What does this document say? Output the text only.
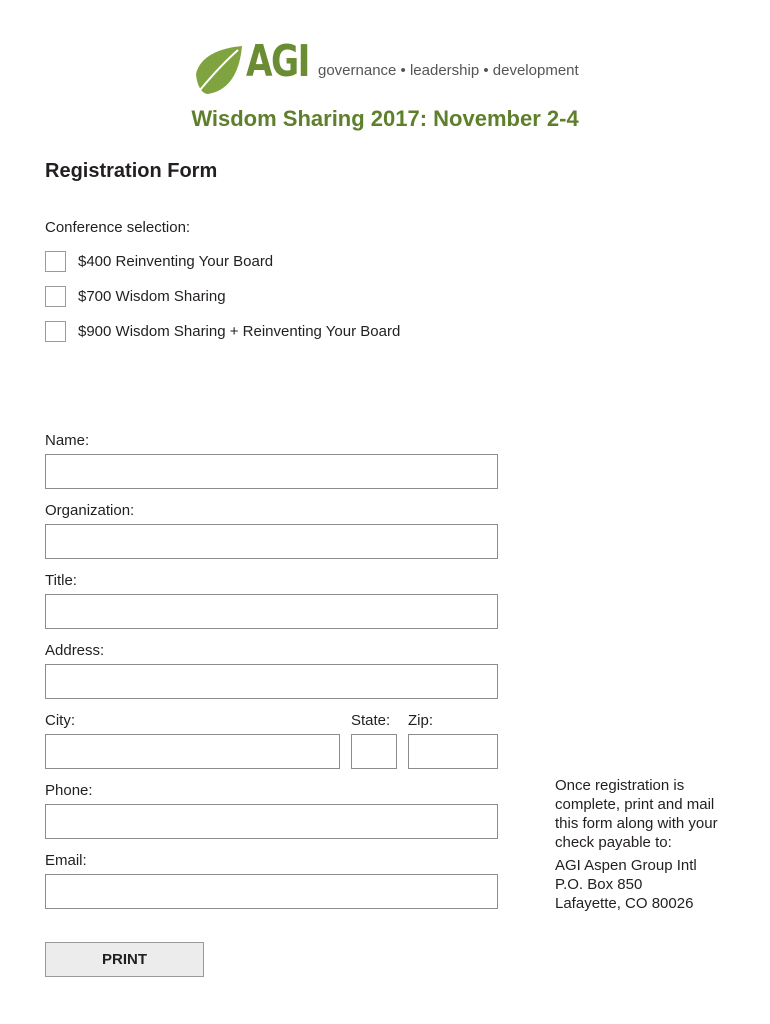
AGI governance • leadership • development
Wisdom Sharing 2017: November 2-4
Registration Form
Conference selection:
$400 Reinventing Your Board
$700 Wisdom Sharing
$900 Wisdom Sharing + Reinventing Your Board
Name:
Organization:
Title:
Address:
City:	State: Zip:
Phone:
Email:
Once registration is
complete, print and mail
this form along with your
check payable to:
AGI Aspen Group Intl
P.O. Box 850
Lafayette, CO 80026
PRINT
